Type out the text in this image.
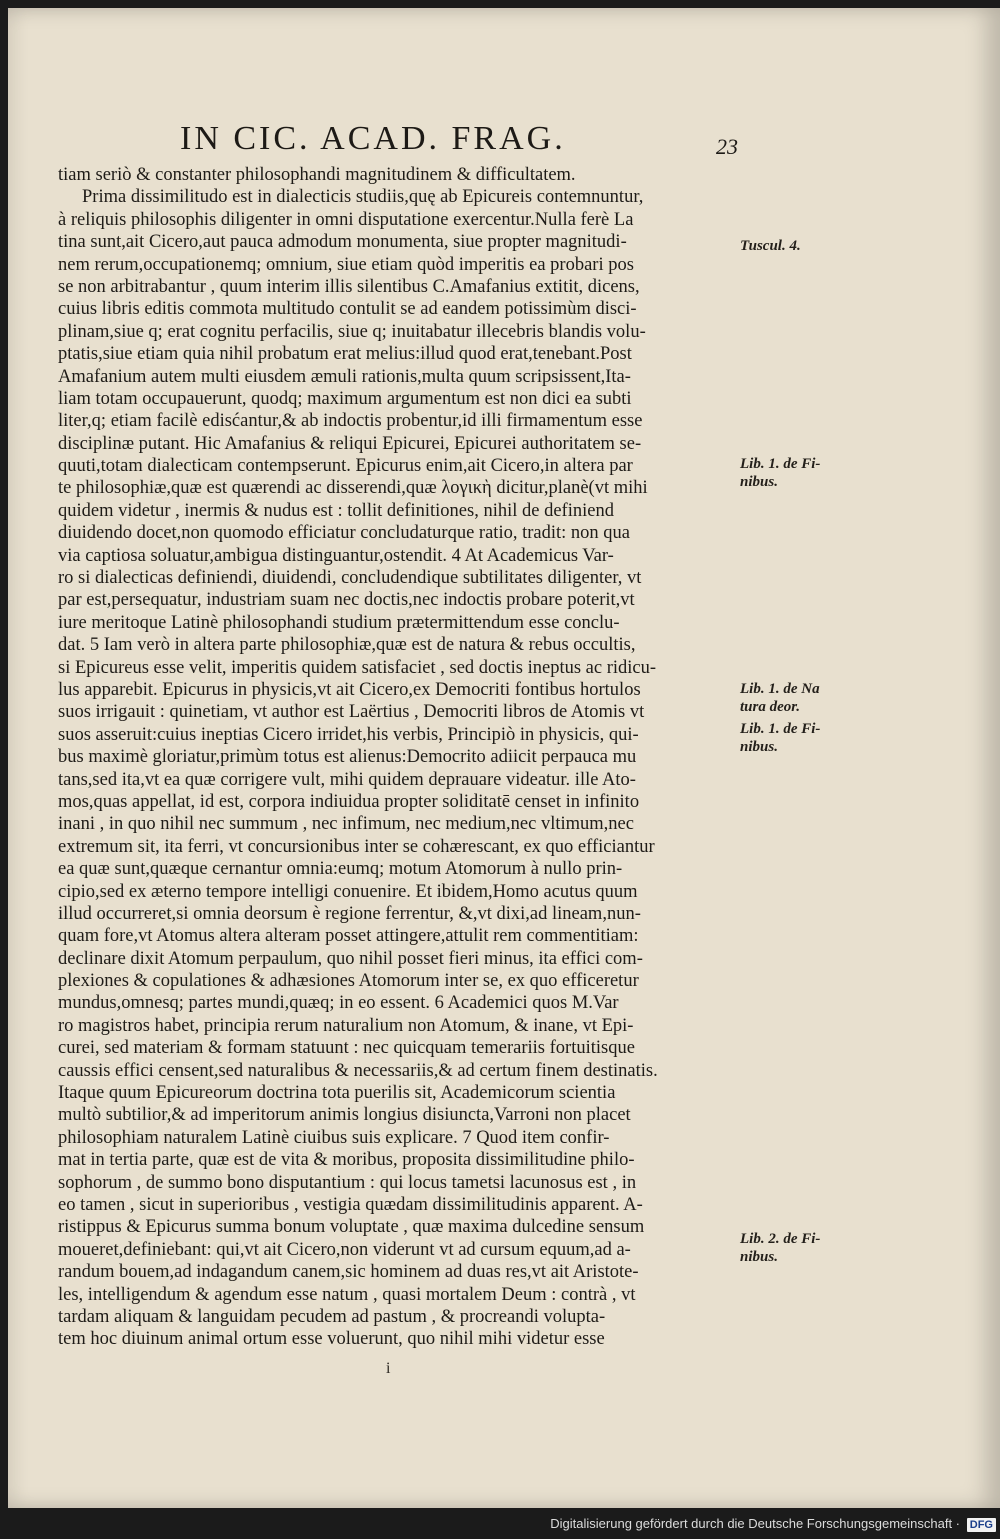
IN CIC. ACAD. FRAG.	23
tiam seriò & constanter philosophandi magnitudinem & difficultatem.
Prima dissimilitudo est in dialecticis studiis,quę ab Epicureis contemnuntur,
à reliquis philosophis diligenter in omni disputatione exercentur.Nulla ferè La
tina sunt,ait Cicero,aut pauca admodum monumenta, siue propter magnitudi-
nem rerum,occupationemq; omnium, siue etiam quòd imperitis ea probari pos
se non arbitrabantur , quum interim illis silentibus C.Amafanius extitit, dicens,
cuius libris editis commota multitudo contulit se ad eandem potissimùm disci-
plinam,siue q; erat cognitu perfacilis, siue q; inuitabatur illecebris blandis volu-
ptatis,siue etiam quia nihil probatum erat melius:illud quod erat,tenebant.Post
Amafanium autem multi eiusdem æmuli rationis,multa quum scripsissent,Ita-
liam totam occupauerunt, quodq; maximum argumentum est non dici ea subti
liter,q; etiam facilè edisćantur,& ab indoctis probentur,id illi firmamentum esse
disciplinæ putant. Hic Amafanius & reliqui Epicurei, Epicurei authoritatem se-
quuti,totam dialecticam contempserunt. Epicurus enim,ait Cicero,in altera par
te philosophiæ,quæ est quærendi ac disserendi,quæ λογικὴ dicitur,planè(vt mihi
quidem videtur , inermis & nudus est : tollit definitiones, nihil de definiend
diuidendo docet,non quomodo efficiatur concludaturque ratio, tradit: non qua
via captiosa soluatur,ambigua distinguantur,ostendit. 4 At Academicus Var-
ro si dialecticas definiendi, diuidendi, concludendique subtilitates diligenter, vt
par est,persequatur, industriam suam nec doctis,nec indoctis probare poterit,vt
iure meritoque Latinè philosophandi studium prætermittendum esse conclu-
dat. 5 Iam verò in altera parte philosophiæ,quæ est de natura & rebus occultis,
si Epicureus esse velit, imperitis quidem satisfaciet , sed doctis ineptus ac ridicu-
lus apparebit. Epicurus in physicis,vt ait Cicero,ex Democriti fontibus hortulos
suos irrigauit : quinetiam, vt author est Laërtius , Democriti libros de Atomis vt
suos asseruit:cuius ineptias Cicero irridet,his verbis, Principiò in physicis, qui-
bus maximè gloriatur,primùm totus est alienus:Democrito adiicit perpauca mu
tans,sed ita,vt ea quæ corrigere vult, mihi quidem deprauare videatur. ille Ato-
mos,quas appellat, id est, corpora indiuidua propter soliditatē censet in infinito
inani , in quo nihil nec summum , nec infimum, nec medium,nec vltimum,nec
extremum sit, ita ferri, vt concursionibus inter se cohærescant, ex quo efficiantur
ea quæ sunt,quæque cernantur omnia:eumq; motum Atomorum à nullo prin-
cipio,sed ex æterno tempore intelligi conuenire. Et ibidem,Homo acutus quum
illud occurreret,si omnia deorsum è regione ferrentur, &,vt dixi,ad lineam,nun-
quam fore,vt Atomus altera alteram posset attingere,attulit rem commentitiam:
declinare dixit Atomum perpaulum, quo nihil posset fieri minus, ita effici com-
plexiones & copulationes & adhæsiones Atomorum inter se, ex quo efficeretur
mundus,omnesq; partes mundi,quæq; in eo essent. 6 Academici quos M.Var
ro magistros habet, principia rerum naturalium non Atomum, & inane, vt Epi-
curei, sed materiam & formam statuunt : nec quicquam temerariis fortuitisque
caussis effici censent,sed naturalibus & necessariis,& ad certum finem destinatis.
Itaque quum Epicureorum doctrina tota puerilis sit, Academicorum scientia
multò subtilior,& ad imperitorum animis longius disiuncta,Varroni non placet
philosophiam naturalem Latinè ciuibus suis explicare. 7 Quod item confir-
mat in tertia parte, quæ est de vita & moribus, proposita dissimilitudine philo-
sophorum , de summo bono disputantium : qui locus tametsi lacunosus est , in
eo tamen , sicut in superioribus , vestigia quædam dissimilitudinis apparent. A-
ristippus & Epicurus summa bonum voluptate , quæ maxima dulcedine sensum
moueret,definiebant: qui,vt ait Cicero,non viderunt vt ad cursum equum,ad a-
randum bouem,ad indagandum canem,sic hominem ad duas res,vt ait Aristote-
les, intelligendum & agendum esse natum , quasi mortalem Deum : contrà , vt
tardam aliquam & languidam pecudem ad pastum , & procreandi volupta-
tem hoc diuinum animal ortum esse voluerunt, quo nihil mihi videtur esse
Tuscul. 4.
Lib. 1. de Fi-
nibus.
Lib. 1. de Na
tura deor.
Lib. 1. de Fi-
nibus.
Lib. 2. de Fi-
nibus.
i
Digitalisierung gefördert durch die Deutsche Forschungsgemeinschaft · DFG
